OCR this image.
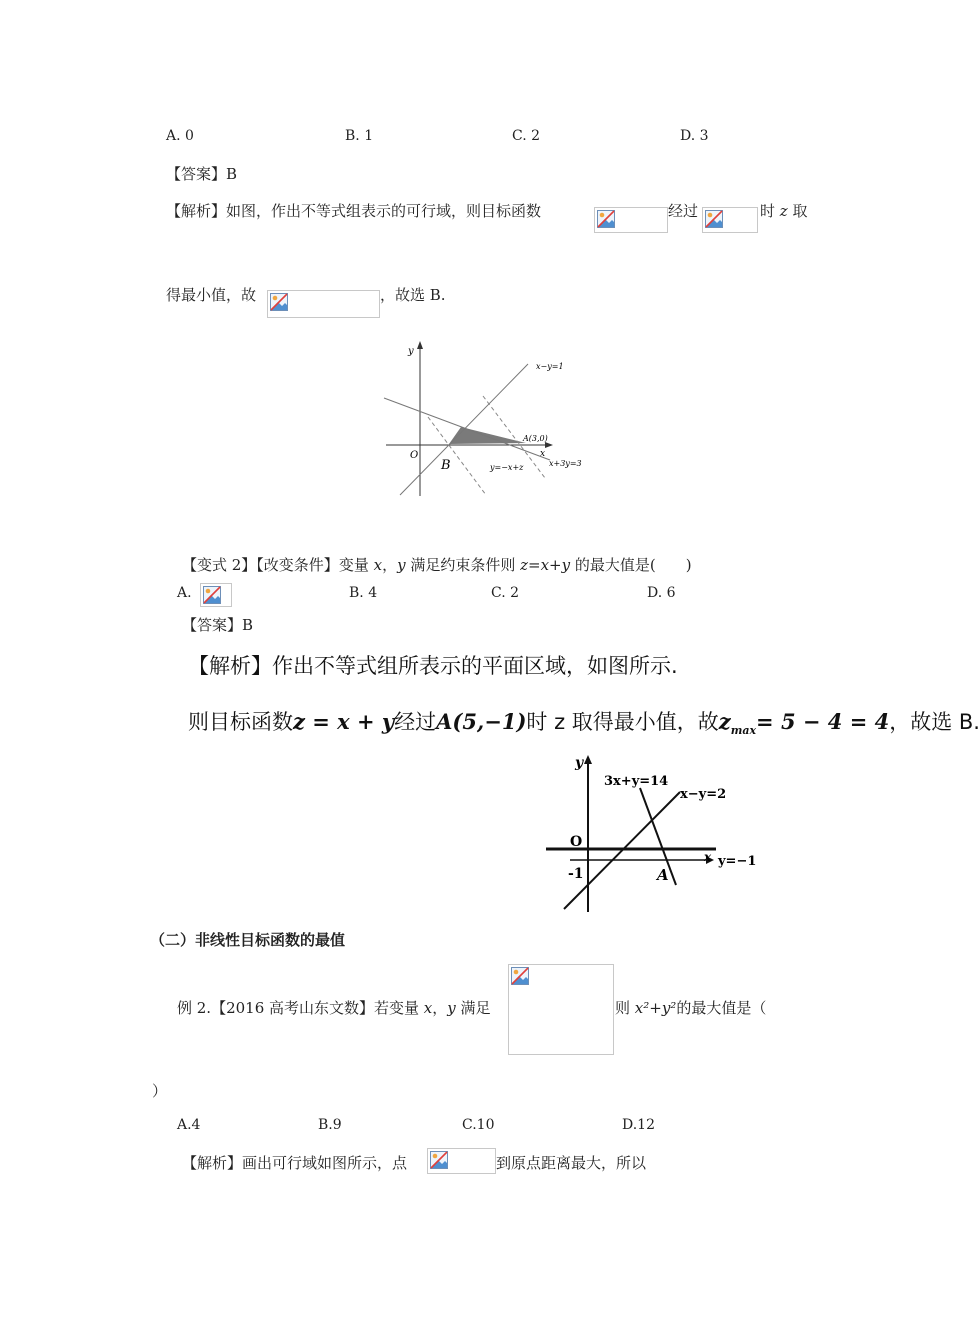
A. 0	B. 1	C. 2	D. 3
【答案】B
【解析】如图，作出不等式组表示的可行域，则目标函数	经过	时 z 取
得最小值，故	，故选 B.
y
x
O
x−y=1
A(3,0)
x+3y=3
B	y=−x+z
【变式 2】【改变条件】变量 x，y 满足约束条件则 z=x+y 的最大值是(　　)
A.	B. 4	C. 2	D. 6
【答案】B
【解析】作出不等式组所表示的平面区域，如图所示.
则目标函数z = x + y经过A(5,−1)时 z 取得最小值，故$z_{max}= 5 - 4 = 4$，故选 B.
y
x
O
-1
3x+y=14
x−y=2
y=−1
A
（二）非线性目标函数的最值
例 2.【2016 高考山东文数】若变量 x，y 满足	则 x²+y²的最大值是（
）
A.4	B.9	C.10	D.12
【解析】画出可行域如图所示，点	到原点距离最大，所以
